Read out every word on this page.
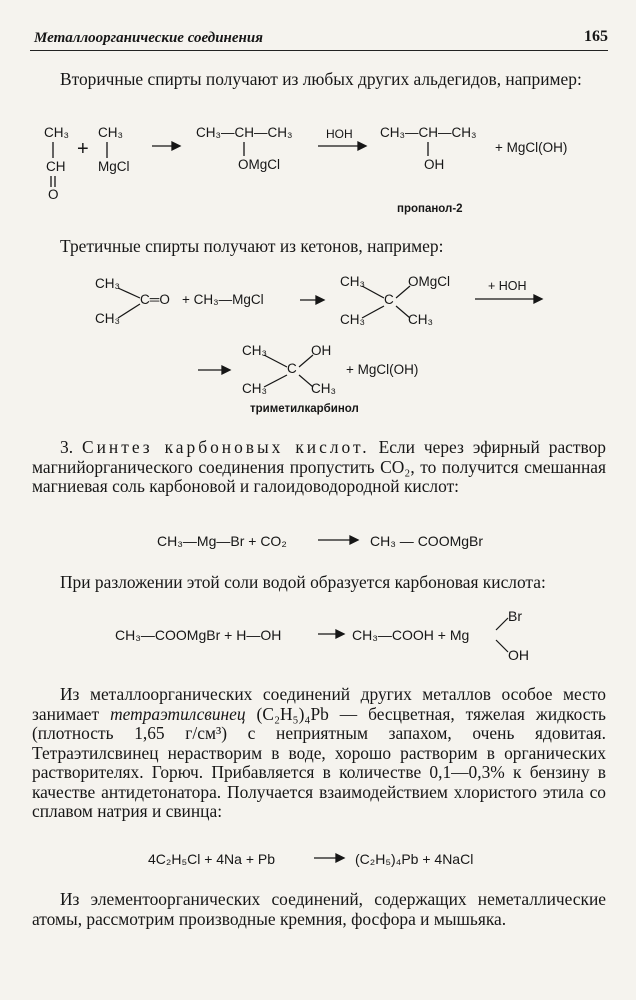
Металлоорганические соединения	165
Вторичные спирты получают из любых других альдегидов, например:
CH₃
CH
O
+
CH₃
MgCl
CH₃—CH—CH₃
OMgCl
HOH CH₃—CH—CH₃
OH
+ MgCl(OH)
пропанол-2
Третичные спирты получают из кетонов, например:
CH₃
CH₃
C═O + CH₃—MgCl
CH₃	OMgCl
C
CH₃	CH₃
+ HOH
CH₃	OH
C
CH₃	CH₃
+ MgCl(OH)
триметилкарбинол
3. Синтез карбоновых кислот. Если через эфирный раствор магнийорганического соединения пропустить CO₂, то получится смешанная магниевая соль карбоновой и галоидоводородной кислот:
CH₃—Mg—Br + CO₂	CH₃ — COOMgBr
При разложении этой соли водой образуется карбоновая кислота:
CH₃—COOMgBr + H—OH	CH₃—COOH + Mg
Br
OH
Из металлоорганических соединений других металлов особое место занимает тетраэтилсвинец (C₂H₅)₄Pb — бесцветная, тяжелая жидкость (плотность 1,65 г/см³) с неприятным запахом, очень ядовитая. Тетраэтилсвинец нерастворим в воде, хорошо растворим в органических растворителях. Горюч. Прибавляется в количестве 0,1—0,3% к бензину в качестве антидетонатора. Получается взаимодействием хлористого этила со сплавом натрия и свинца:
4C₂H₅Cl + 4Na + Pb	(C₂H₅)₄Pb + 4NaCl
Из элементоорганических соединений, содержащих неметаллические атомы, рассмотрим производные кремния, фосфора и мышьяка.
